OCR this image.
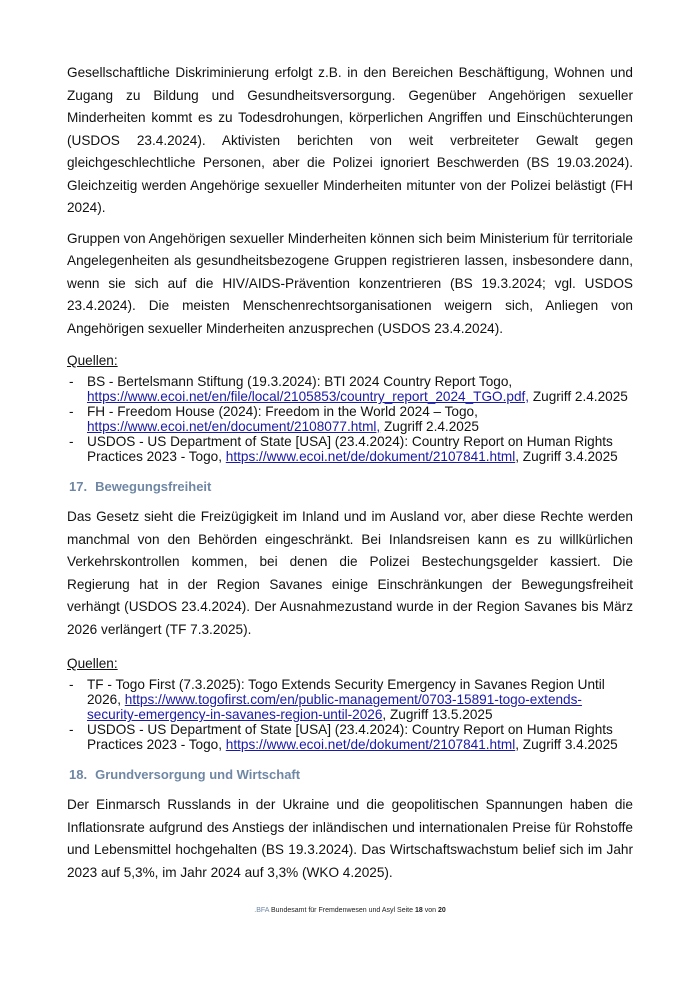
Gesellschaftliche Diskriminierung erfolgt z.B. in den Bereichen Beschäftigung, Wohnen und Zugang zu Bildung und Gesundheitsversorgung. Gegenüber Angehörigen sexueller Minderheiten kommt es zu Todesdrohungen, körperlichen Angriffen und Einschüchterungen (USDOS 23.4.2024). Aktivisten berichten von weit verbreiteter Gewalt gegen gleichgeschlechtliche Personen, aber die Polizei ignoriert Beschwerden (BS 19.03.2024). Gleichzeitig werden Angehörige sexueller Minderheiten mitunter von der Polizei belästigt (FH 2024).

Gruppen von Angehörigen sexueller Minderheiten können sich beim Ministerium für territoriale Angelegenheiten als gesundheitsbezogene Gruppen registrieren lassen, insbesondere dann, wenn sie sich auf die HIV/AIDS-Prävention konzentrieren (BS 19.3.2024; vgl. USDOS 23.4.2024). Die meisten Menschenrechtsorganisationen weigern sich, Anliegen von Angehörigen sexueller Minderheiten anzusprechen (USDOS 23.4.2024).

Quellen:
- BS - Bertelsmann Stiftung (19.3.2024): BTI 2024 Country Report Togo, https://www.ecoi.net/en/file/local/2105853/country_report_2024_TGO.pdf, Zugriff 2.4.2025
- FH - Freedom House (2024): Freedom in the World 2024 – Togo, https://www.ecoi.net/en/document/2108077.html, Zugriff 2.4.2025
- USDOS - US Department of State [USA] (23.4.2024): Country Report on Human Rights Practices 2023 - Togo, https://www.ecoi.net/de/dokument/2107841.html, Zugriff 3.4.2025
17. Bewegungsfreiheit

Das Gesetz sieht die Freizügigkeit im Inland und im Ausland vor, aber diese Rechte werden manchmal von den Behörden eingeschränkt. Bei Inlandsreisen kann es zu willkürlichen Verkehrskontrollen kommen, bei denen die Polizei Bestechungsgelder kassiert. Die Regierung hat in der Region Savanes einige Einschränkungen der Bewegungsfreiheit verhängt (USDOS 23.4.2024). Der Ausnahmezustand wurde in der Region Savanes bis März 2026 verlängert (TF 7.3.2025).

Quellen:
- TF - Togo First (7.3.2025): Togo Extends Security Emergency in Savanes Region Until 2026, https://www.togofirst.com/en/public-management/0703-15891-togo-extends-security-emergency-in-savanes-region-until-2026, Zugriff 13.5.2025
- USDOS - US Department of State [USA] (23.4.2024): Country Report on Human Rights Practices 2023 - Togo, https://www.ecoi.net/de/dokument/2107841.html, Zugriff 3.4.2025
18. Grundversorgung und Wirtschaft

Der Einmarsch Russlands in der Ukraine und die geopolitischen Spannungen haben die Inflationsrate aufgrund des Anstiegs der inländischen und internationalen Preise für Rohstoffe und Lebensmittel hochgehalten (BS 19.3.2024). Das Wirtschaftswachstum belief sich im Jahr 2023 auf 5,3%, im Jahr 2024 auf 3,3% (WKO 4.2025).

.BFA Bundesamt für Fremdenwesen und Asyl Seite 18 von 20
